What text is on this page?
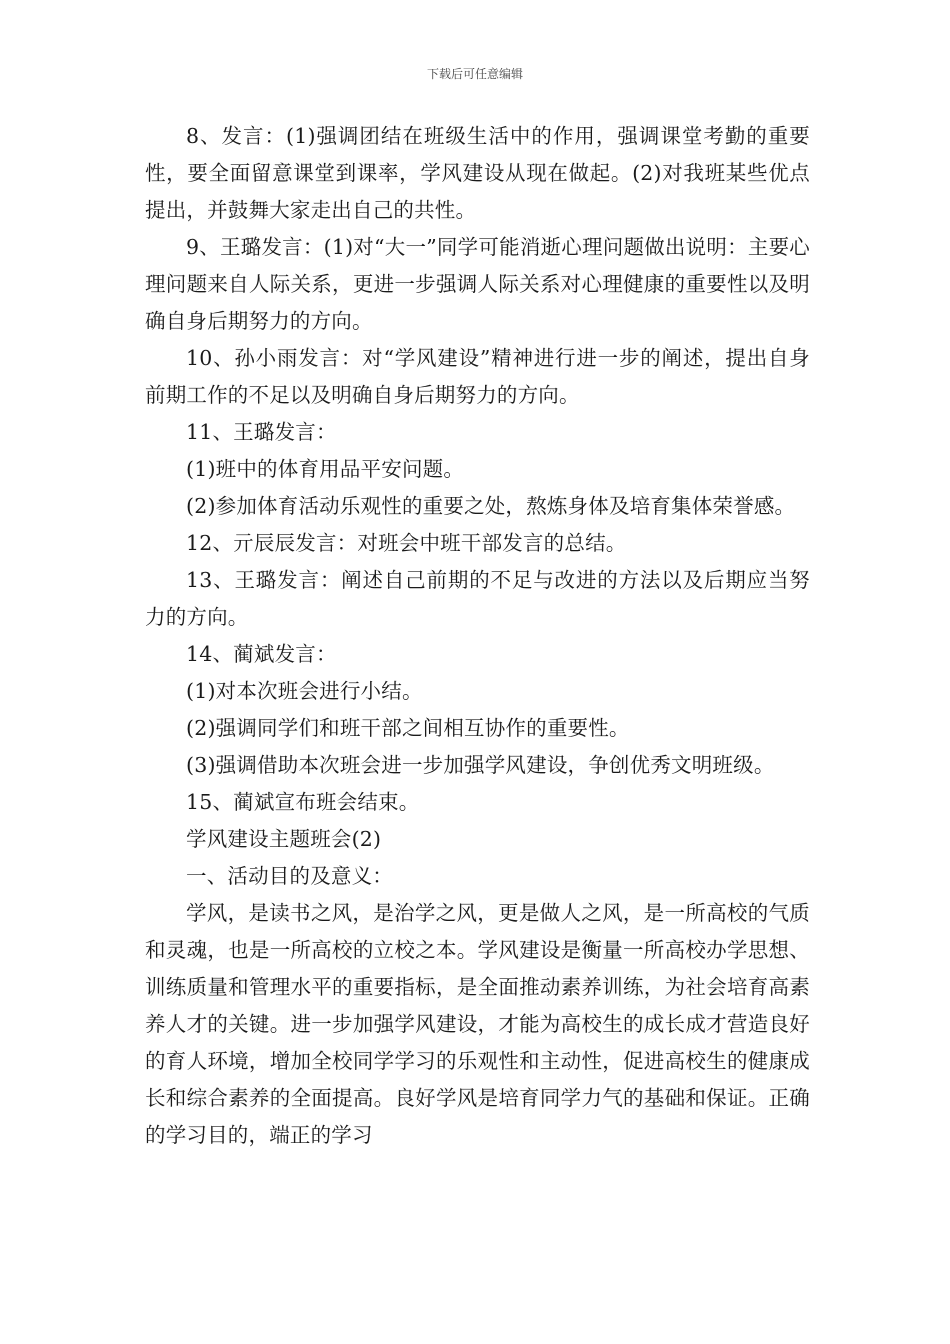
下载后可任意编辑

8、发言：(1)强调团结在班级生活中的作用，强调课堂考勤的重要性，要全面留意课堂到课率，学风建设从现在做起。(2)对我班某些优点提出，并鼓舞大家走出自己的共性。

9、王璐发言：(1)对“大一”同学可能消逝心理问题做出说明：主要心理问题来自人际关系，更进一步强调人际关系对心理健康的重要性以及明确自身后期努力的方向。

10、孙小雨发言：对“学风建设”精神进行进一步的阐述，提出自身前期工作的不足以及明确自身后期努力的方向。

11、王璐发言：

(1)班中的体育用品平安问题。

(2)参加体育活动乐观性的重要之处，熬炼身体及培育集体荣誉感。

12、亓辰辰发言：对班会中班干部发言的总结。

13、王璐发言：阐述自己前期的不足与改进的方法以及后期应当努力的方向。

14、蔺斌发言：

(1)对本次班会进行小结。

(2)强调同学们和班干部之间相互协作的重要性。

(3)强调借助本次班会进一步加强学风建设，争创优秀文明班级。

15、蔺斌宣布班会结束。

学风建设主题班会(2)

一、活动目的及意义：

学风，是读书之风，是治学之风，更是做人之风，是一所高校的气质和灵魂，也是一所高校的立校之本。学风建设是衡量一所高校办学思想、训练质量和管理水平的重要指标，是全面推动素养训练，为社会培育高素养人才的关键。进一步加强学风建设，才能为高校生的成长成才营造良好的育人环境，增加全校同学学习的乐观性和主动性，促进高校生的健康成长和综合素养的全面提高。良好学风是培育同学力气的基础和保证。正确的学习目的，端正的学习
